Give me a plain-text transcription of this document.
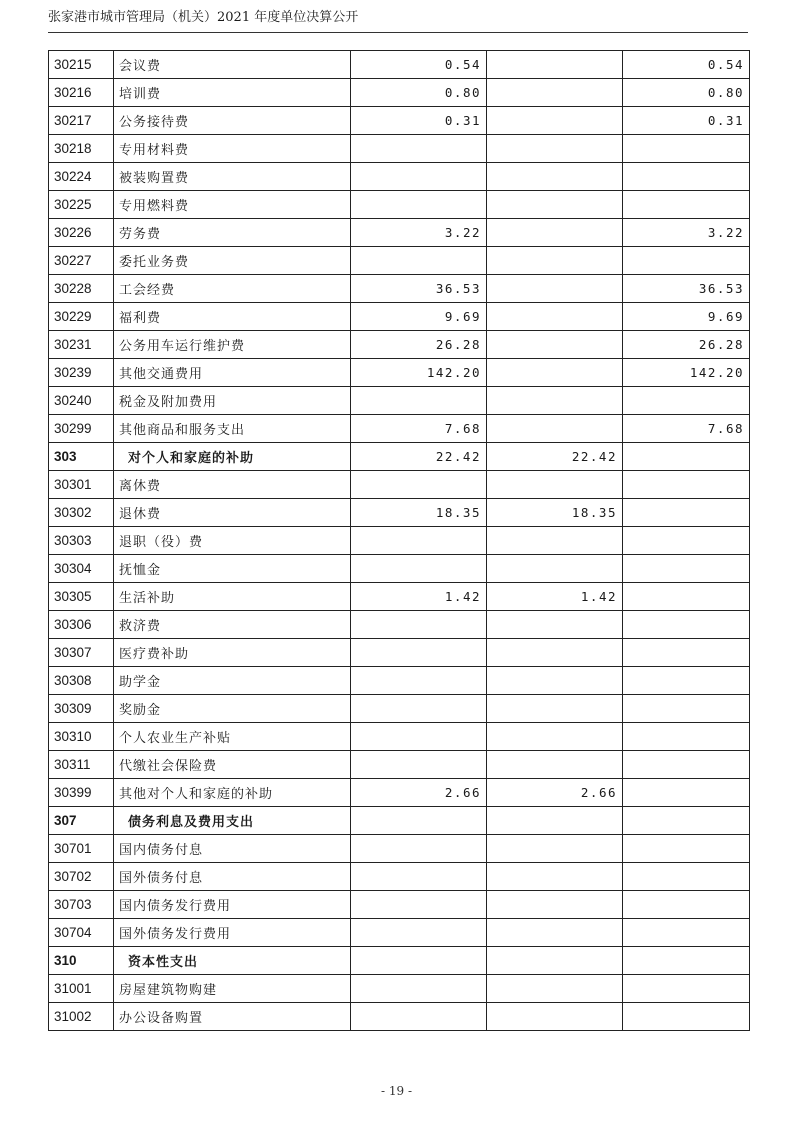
张家港市城市管理局（机关）2021 年度单位决算公开
30215	会议费	0.54		0.54
30216	培训费	0.80		0.80
30217	公务接待费	0.31		0.31
30218	专用材料费			
30224	被装购置费			
30225	专用燃料费			
30226	劳务费	3.22		3.22
30227	委托业务费			
30228	工会经费	36.53		36.53
30229	福利费	9.69		9.69
30231	公务用车运行维护费	26.28		26.28
30239	其他交通费用	142.20		142.20
30240	税金及附加费用			
30299	其他商品和服务支出	7.68		7.68
303	对个人和家庭的补助	22.42	22.42	
30301	离休费			
30302	退休费	18.35	18.35	
30303	退职（役）费			
30304	抚恤金			
30305	生活补助	1.42	1.42	
30306	救济费			
30307	医疗费补助			
30308	助学金			
30309	奖励金			
30310	个人农业生产补贴			
30311	代缴社会保险费			
30399	其他对个人和家庭的补助	2.66	2.66	
307	债务利息及费用支出			
30701	国内债务付息			
30702	国外债务付息			
30703	国内债务发行费用			
30704	国外债务发行费用			
310	资本性支出			
31001	房屋建筑物购建			
31002	办公设备购置			
- 19 -
